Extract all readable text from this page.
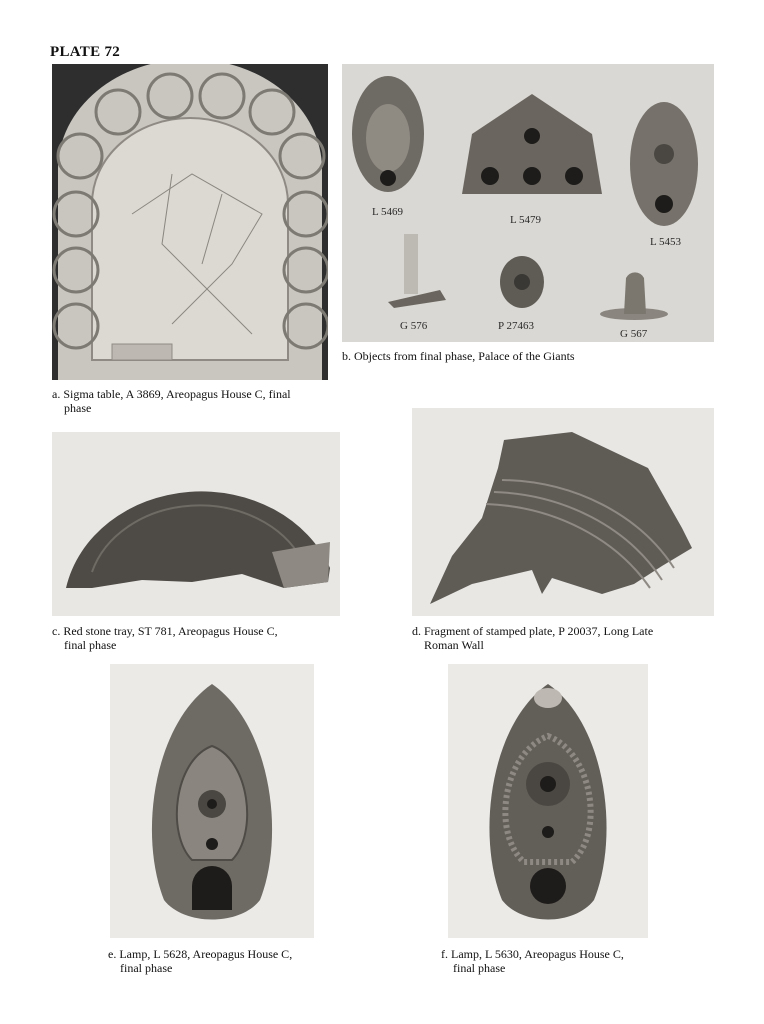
PLATE 72
a. Sigma table, A 3869, Areopagus House C, final
phase
L 5469
L 5479
L 5453
G 576	P 27463
G 567
b. Objects from final phase, Palace of the Giants
c. Red stone tray, ST 781, Areopagus House C,
final phase
d. Fragment of stamped plate, P 20037, Long Late
Roman Wall
e. Lamp, L 5628, Areopagus House C,
final phase
f. Lamp, L 5630, Areopagus House C,
final phase
